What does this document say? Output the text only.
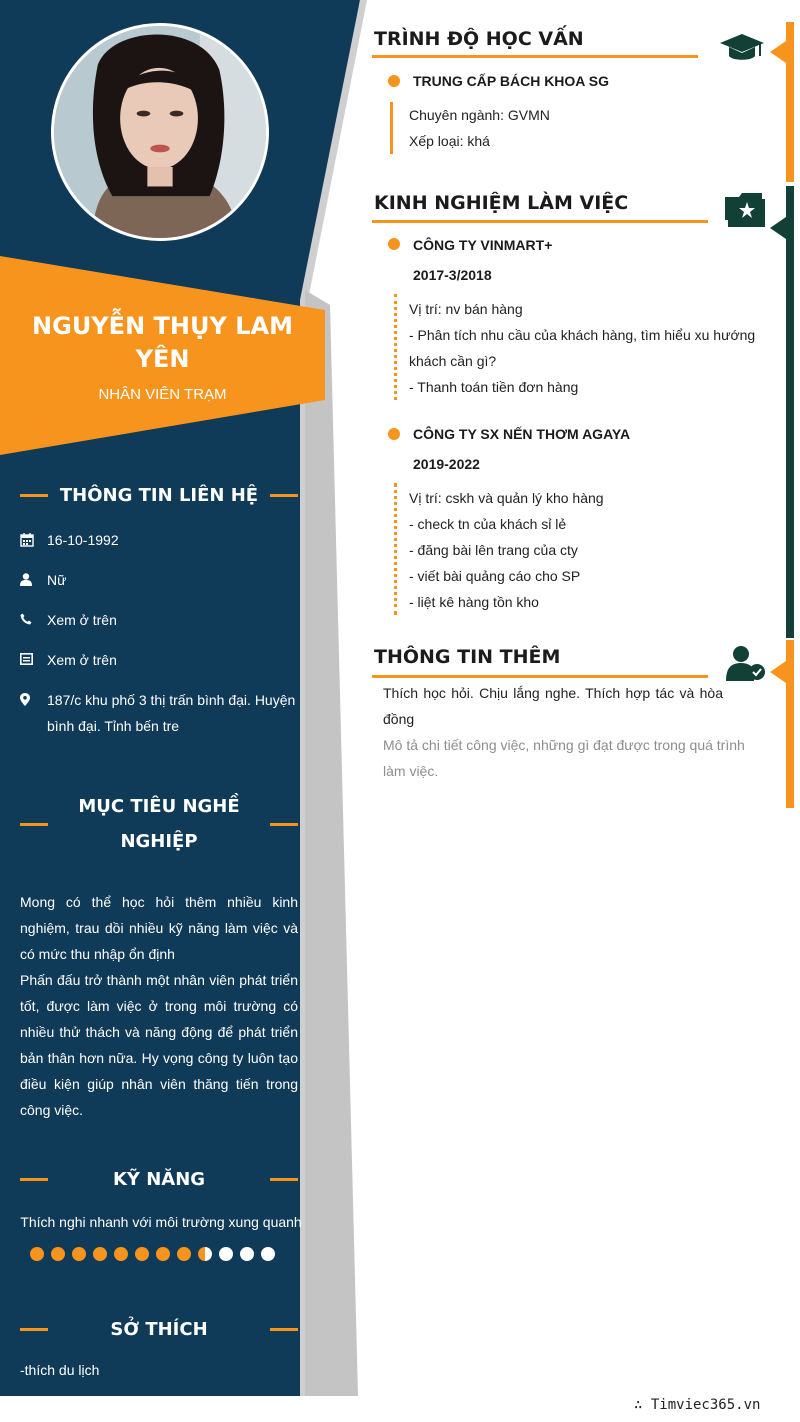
NGUYỄN THỤY LAM YÊN
NHÂN VIÊN TRẠM
THÔNG TIN LIÊN HỆ
16-10-1992
Nữ
Xem ở trên
Xem ở trên
187/c khu phố 3 thị trấn bình đại. Huyện bình đại. Tỉnh bến tre
MỤC TIÊU NGHỀ NGHIỆP
Mong có thể học hỏi thêm nhiều kinh nghiệm, trau dồi nhiều kỹ năng làm việc và có mức thu nhập ổn định
Phấn đấu trở thành một nhân viên phát triển tốt, được làm việc ở trong môi trường có nhiều thử thách và năng động để phát triển bản thân hơn nữa. Hy vọng công ty luôn tạo điều kiện giúp nhân viên thăng tiến trong công việc.
KỸ NĂNG
Thích nghi nhanh với môi trường xung quanh
SỞ THÍCH
-thích du lịch
TRÌNH ĐỘ HỌC VẤN
TRUNG CẤP BÁCH KHOA SG
Chuyên ngành: GVMN
Xếp loại: khá
KINH NGHIỆM LÀM VIỆC
CÔNG TY VINMART+
2017-3/2018
Vị trí: nv bán hàng
- Phân tích nhu cầu của khách hàng, tìm hiểu xu hướng khách cần gì?
- Thanh toán tiền đơn hàng
CÔNG TY SX NẾN THƠM AGAYA
2019-2022
Vị trí: cskh và quản lý kho hàng
- check tn của khách sỉ lẻ
- đăng bài lên trang của cty
- viết bài quảng cáo cho SP
- liệt kê hàng tồn kho
THÔNG TIN THÊM
Thích học hỏi. Chịu lắng nghe. Thích hợp tác và hòa đồng
Mô tả chi tiết công việc, những gì đạt được trong quá trình làm việc.
∴ Timviec365.vn
